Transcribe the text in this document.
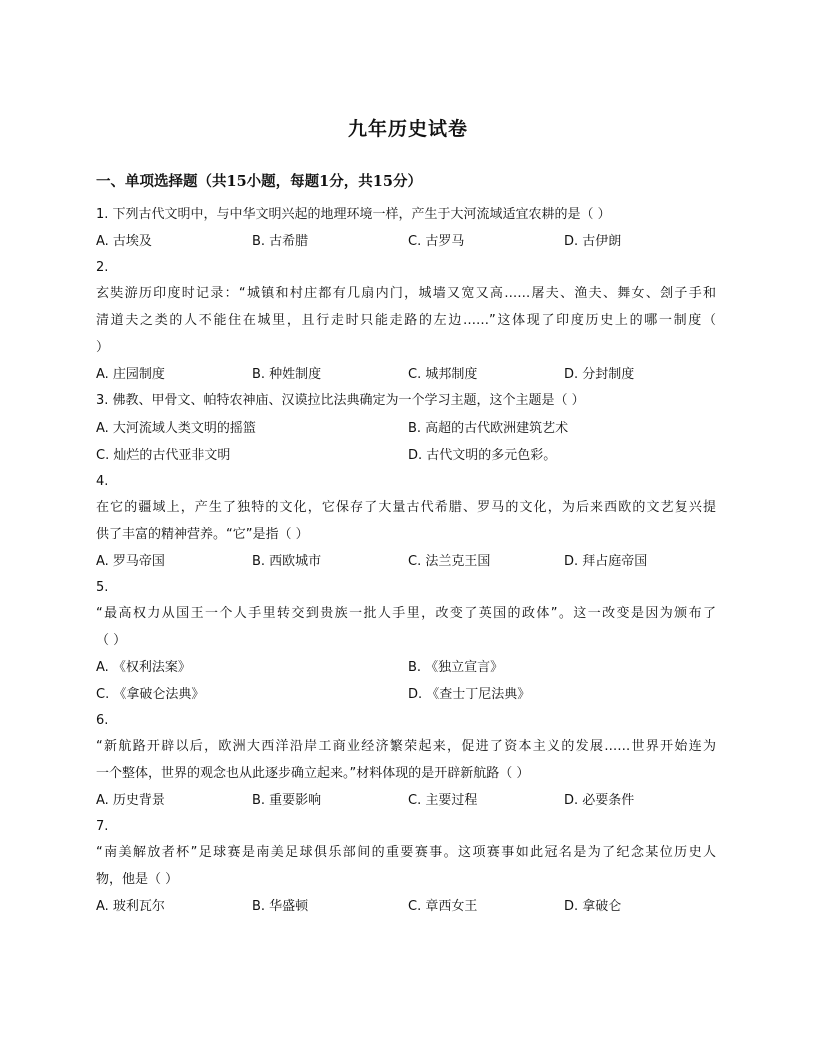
九年历史试卷
一、单项选择题（共15小题，每题1分，共15分）
1. 下列古代文明中，与中华文明兴起的地理环境一样，产生于大河流域适宜农耕的是（ ）
A. 古埃及	B. 古希腊	C. 古罗马	D. 古伊朗
2.
玄奘游历印度时记录：“城镇和村庄都有几扇内门，城墙又宽又高……屠夫、渔夫、舞女、刽子手和
清道夫之类的人不能住在城里，且行走时只能走路的左边……”这体现了印度历史上的哪一制度（
）
A. 庄园制度	B. 种姓制度	C. 城邦制度	D. 分封制度
3. 佛教、甲骨文、帕特农神庙、汉谟拉比法典确定为一个学习主题，这个主题是（ ）
A. 大河流域人类文明的摇篮	B. 高超的古代欧洲建筑艺术
C. 灿烂的古代亚非文明	D. 古代文明的多元色彩。
4.
在它的疆域上，产生了独特的文化，它保存了大量古代希腊、罗马的文化，为后来西欧的文艺复兴提
供了丰富的精神营养。“它”是指（ ）
A. 罗马帝国	B. 西欧城市	C. 法兰克王国	D. 拜占庭帝国
5.
“最高权力从国王一个人手里转交到贵族一批人手里，改变了英国的政体”。这一改变是因为颁布了
（ ）
A. 《权利法案》	B. 《独立宣言》
C. 《拿破仑法典》	D. 《查士丁尼法典》
6.
“新航路开辟以后，欧洲大西洋沿岸工商业经济繁荣起来，促进了资本主义的发展……世界开始连为
一个整体，世界的观念也从此逐步确立起来。”材料体现的是开辟新航路（ ）
A. 历史背景	B. 重要影响	C. 主要过程	D. 必要条件
7.
“南美解放者杯”足球赛是南美足球俱乐部间的重要赛事。这项赛事如此冠名是为了纪念某位历史人
物，他是（ ）
A. 玻利瓦尔	B. 华盛顿	C. 章西女王	D. 拿破仑
